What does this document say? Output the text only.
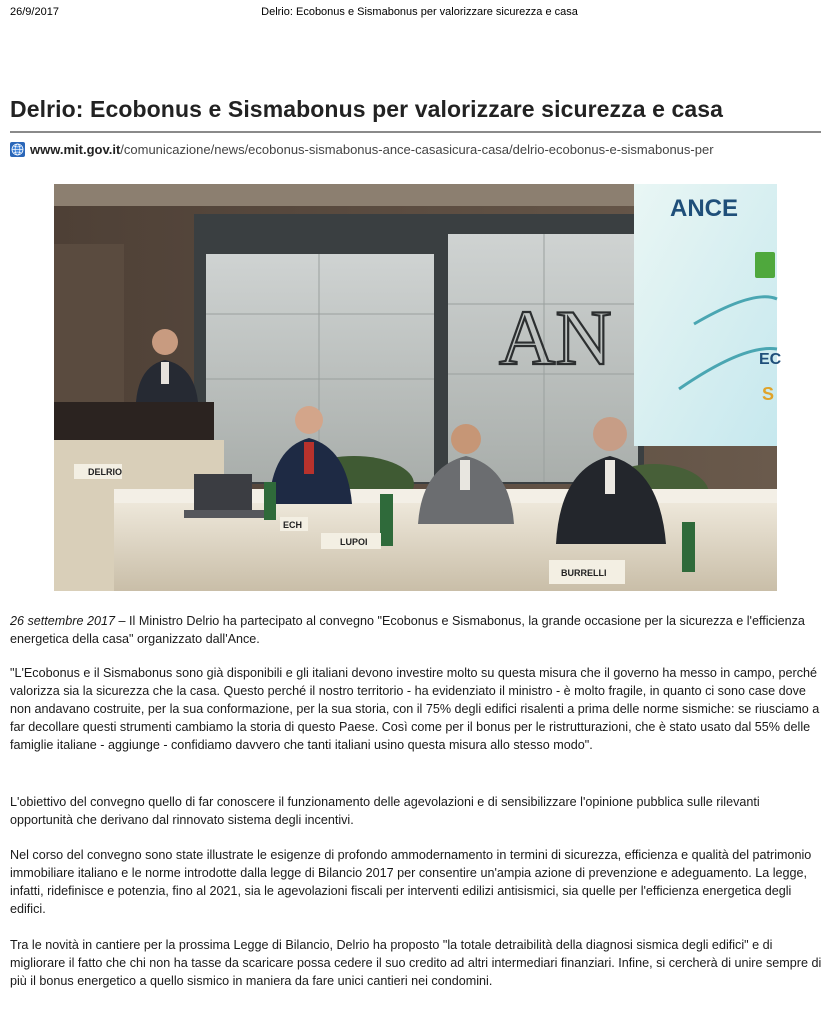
26/9/2017	Delrio: Ecobonus e Sismabonus per valorizzare sicurezza e casa
Delrio: Ecobonus e Sismabonus per valorizzare sicurezza e casa
www.mit.gov.it /comunicazione/news/ecobonus-sismabonus-ance-casasicura-casa/delrio-ecobonus-e-sismabonus-per
AN
ANCE
EC
S
DELRIO
ECH
LUPOI
BURRELLI
26 settembre 2017 – Il Ministro Delrio ha partecipato al convegno "Ecobonus e Sismabonus, la grande occasione per la sicurezza e l'efficienza energetica della casa" organizzato dall'Ance.

"L'Ecobonus e il Sismabonus sono già disponibili e gli italiani devono investire molto su questa misura che il governo ha messo in campo, perché valorizza sia la sicurezza che la casa. Questo perché il nostro territorio - ha evidenziato il ministro - è molto fragile, in quanto ci sono case dove non andavano costruite, per la sua conformazione, per la sua storia, con il 75% degli edifici risalenti a prima delle norme sismiche: se riusciamo a far decollare questi strumenti cambiamo la storia di questo Paese. Così come per il bonus per le ristrutturazioni, che è stato usato dal 55% delle famiglie italiane - aggiunge - confidiamo davvero che tanti italiani usino questa misura allo stesso modo".

L'obiettivo del convegno quello di far conoscere il funzionamento delle agevolazioni e di sensibilizzare l'opinione pubblica sulle rilevanti opportunità che derivano dal rinnovato sistema degli incentivi.

Nel corso del convegno sono state illustrate le esigenze di profondo ammodernamento in termini di sicurezza, efficienza e qualità del patrimonio immobiliare italiano e le norme introdotte dalla legge di Bilancio 2017 per consentire un'ampia azione di prevenzione e adeguamento. La legge, infatti, ridefinisce e potenzia, fino al 2021, sia le agevolazioni fiscali per interventi edilizi antisismici, sia quelle per l'efficienza energetica degli edifici.

Tra le novità in cantiere per la prossima Legge di Bilancio, Delrio ha proposto "la totale detraibilità della diagnosi sismica degli edifici" e di migliorare il fatto che chi non ha tasse da scaricare possa cedere il suo credito ad altri intermediari finanziari. Infine, si cercherà di unire sempre di più il bonus energetico a quello sismico in maniera da fare unici cantieri nei condomini.
